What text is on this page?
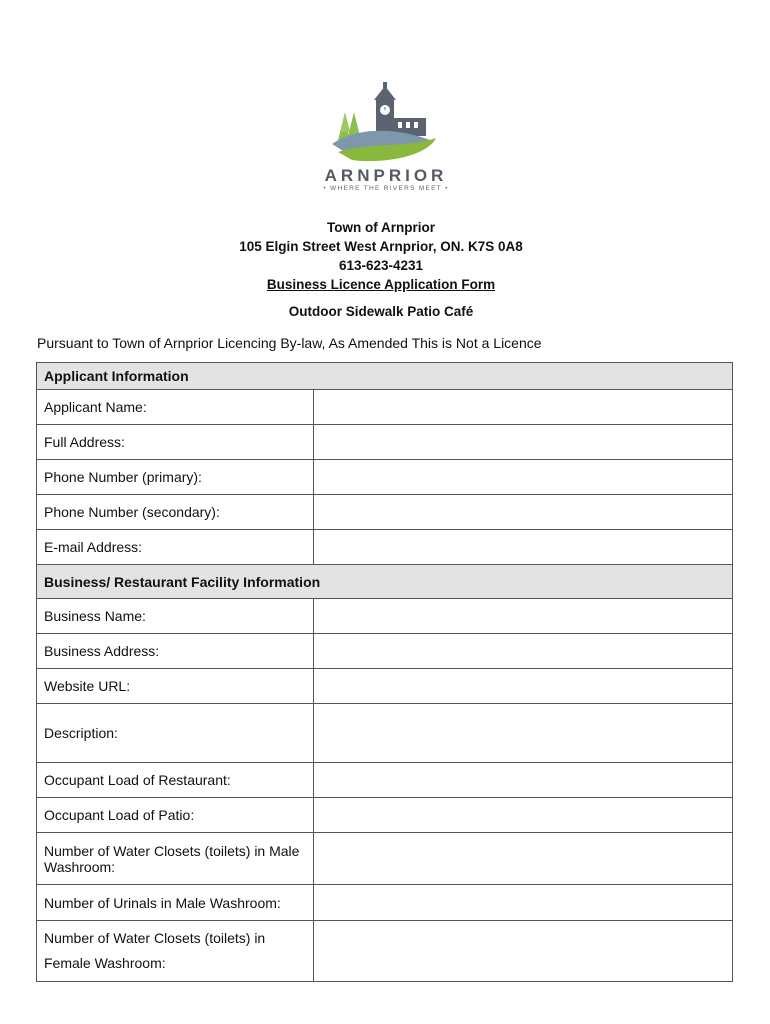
ARNPRIOR
• WHERE THE RIVERS MEET •
Town of Arnprior
105 Elgin Street West Arnprior, ON. K7S 0A8
613-623-4231
Business Licence Application Form
Outdoor Sidewalk Patio Café
Pursuant to Town of Arnprior Licencing By-law, As Amended This is Not a Licence
Applicant Information	
Applicant Name:	
Full Address:	
Phone Number (primary):	
Phone Number (secondary):	
E-mail Address:	
Business/ Restaurant Facility Information	
Business Name:	
Business Address:	
Website URL:	
Description:	
Occupant Load of Restaurant:	
Occupant Load of Patio:	
Number of Water Closets (toilets) in Male Washroom:	
Number of Urinals in Male Washroom:	
Number of Water Closets (toilets) in Female Washroom:	
